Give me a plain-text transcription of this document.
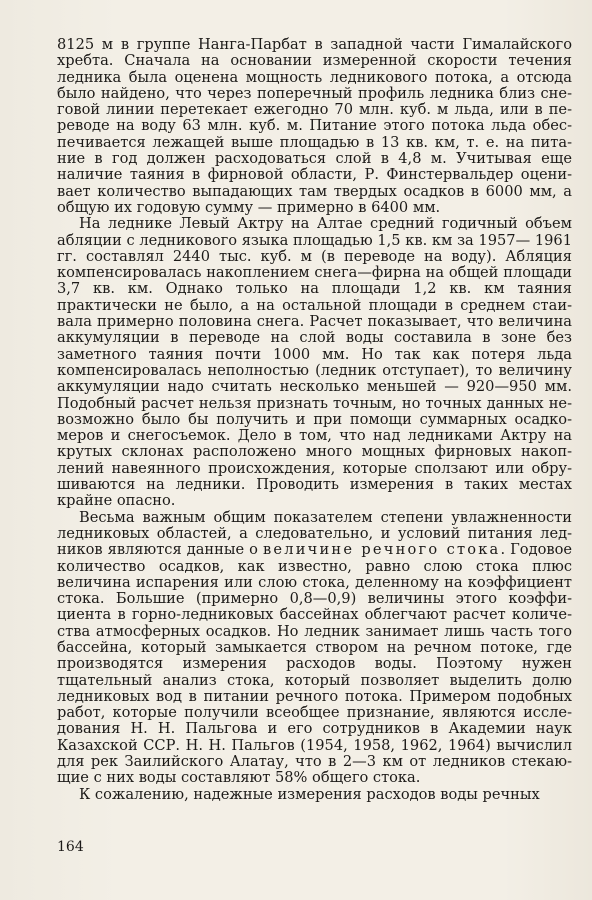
8125 м в группе Нанга-Парбат в западной части Гималайского хребта. Сначала на основании измеренной скорости течения ледника была оценена мощность ледникового потока, а отсюда было найдено, что через поперечный профиль ледника близ снеговой линии перетекает ежегодно 70 млн. куб. м льда, или в переводе на воду 63 млн. куб. м. Питание этого потока льда обеспечивается лежащей выше площадью в 13 кв. км, т. е. на питание в год должен расходоваться слой в 4,8 м. Учитывая еще наличие таяния в фирновой области, Р. Финстервальдер оценивает количество выпадающих там твердых осадков в 6000 мм, а общую их годовую сумму — примерно в 6400 мм.

На леднике Левый Актру на Алтае средний годичный объем абляции с ледникового языка площадью 1,5 кв. км за 1957— 1961 гг. составлял 2440 тыс. куб. м (в переводе на воду). Абляция компенсировалась накоплением снега—фирна на общей площади 3,7 кв. км. Однако только на площади 1,2 кв. км таяния практически не было, а на остальной площади в среднем стаивала примерно половина снега. Расчет показывает, что величина аккумуляции в переводе на слой воды составила в зоне без заметного таяния почти 1000 мм. Но так как потеря льда компенсировалась неполностью (ледник отступает), то величину аккумуляции надо считать несколько меньшей — 920—950 мм. Подобный расчет нельзя признать точным, но точных данных невозможно было бы получить и при помощи суммарных осадкомеров и снегосъемок. Дело в том, что над ледниками Актру на крутых склонах расположено много мощных фирновых накоплений навеянного происхождения, которые сползают или обрушиваются на ледники. Проводить измерения в таких местах крайне опасно.

Весьма важным общим показателем степени увлажненности ледниковых областей, а следовательно, и условий питания ледников являются данные о величине речного стока. Годовое количество осадков, как известно, равно слою стока плюс величина испарения или слою стока, деленному на коэффициент стока. Большие (примерно 0,8—0,9) величины этого коэффициента в горно-ледниковых бассейнах облегчают расчет количества атмосферных осадков. Но ледник занимает лишь часть того бассейна, который замыкается створом на речном потоке, где производятся измерения расходов воды. Поэтому нужен тщательный анализ стока, который позволяет выделить долю ледниковых вод в питании речного потока. Примером подобных работ, которые получили всеобщее признание, являются исследования Н. Н. Пальгова и его сотрудников в Академии наук Казахской ССР. Н. Н. Пальгов (1954, 1958, 1962, 1964) вычислил для рек Заилийского Алатау, что в 2—3 км от ледников стекающие с них воды составляют 58% общего стока.

К сожалению, надежные измерения расходов воды речных

164
